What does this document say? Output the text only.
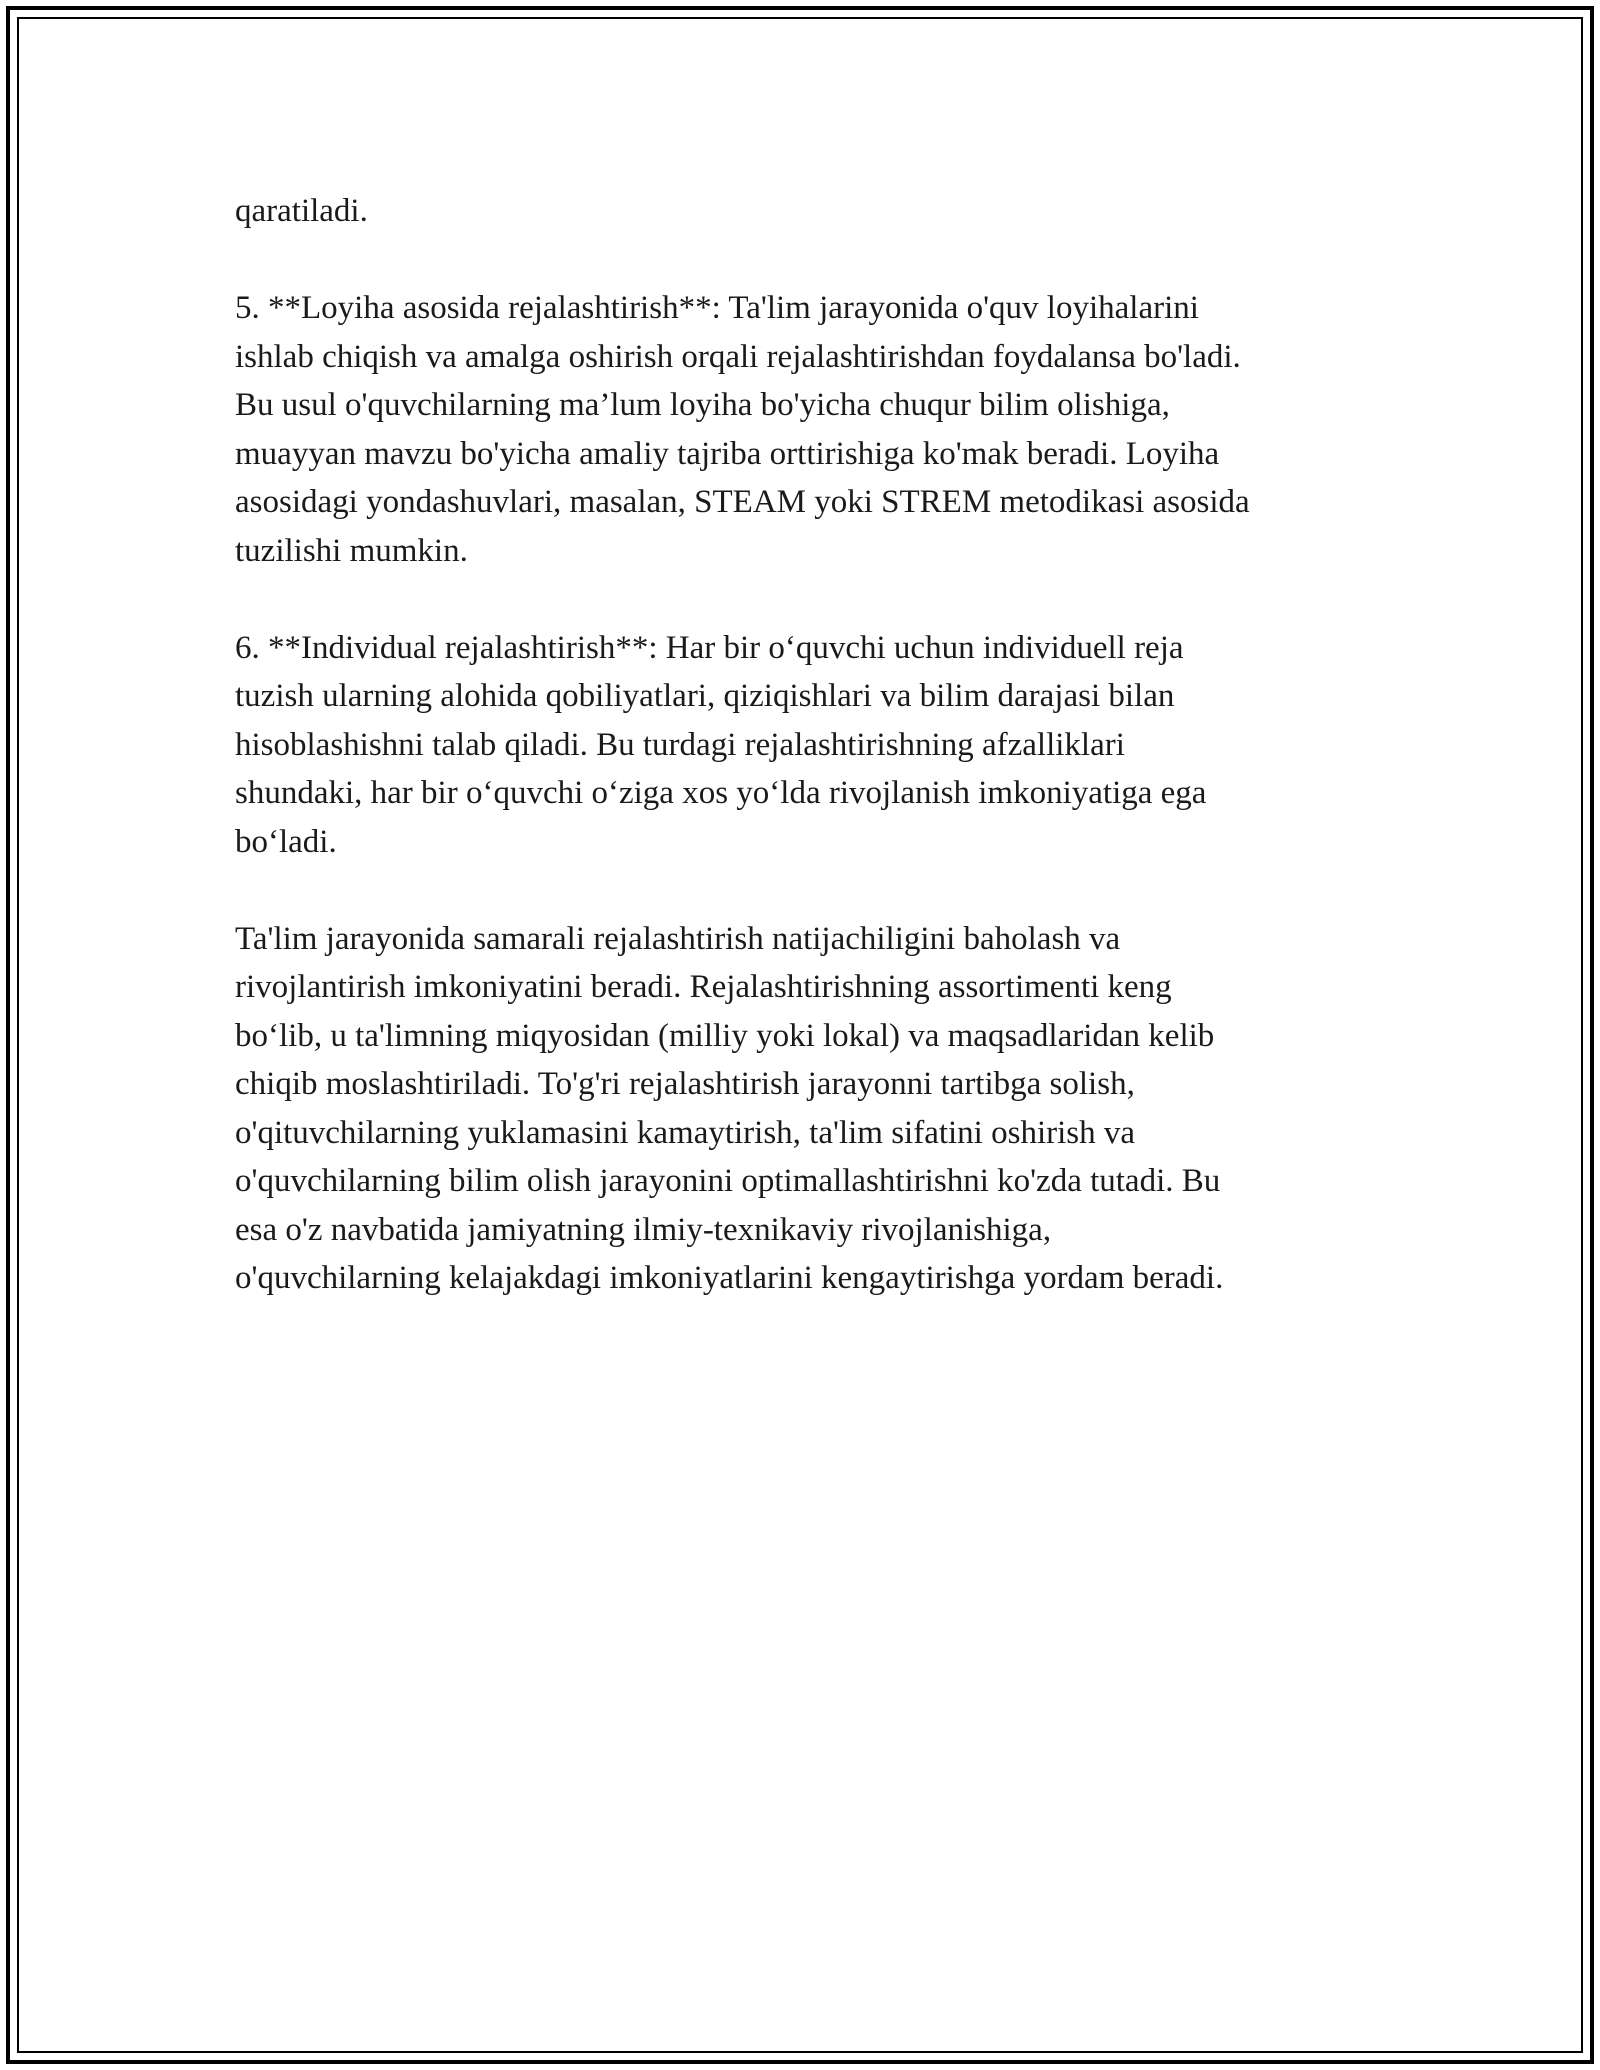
qaratiladi.

5. **Loyiha asosida rejalashtirish**: Ta'lim jarayonida o'quv loyihalarini
ishlab chiqish va amalga oshirish orqali rejalashtirishdan foydalansa bo'ladi.
Bu usul o'quvchilarning ma’lum loyiha bo'yicha chuqur bilim olishiga,
muayyan mavzu bo'yicha amaliy tajriba orttirishiga ko'mak beradi. Loyiha
asosidagi yondashuvlari, masalan, STEAM yoki STREM metodikasi asosida
tuzilishi mumkin.

6. **Individual rejalashtirish**: Har bir oʻquvchi uchun individuell reja
tuzish ularning alohida qobiliyatlari, qiziqishlari va bilim darajasi bilan
hisoblashishni talab qiladi. Bu turdagi rejalashtirishning afzalliklari
shundaki, har bir oʻquvchi oʻziga xos yoʻlda rivojlanish imkoniyatiga ega
boʻladi.

Ta'lim jarayonida samarali rejalashtirish natijachiligini baholash va
rivojlantirish imkoniyatini beradi. Rejalashtirishning assortimenti keng
boʻlib, u ta'limning miqyosidan (milliy yoki lokal) va maqsadlaridan kelib
chiqib moslashtiriladi. To'g'ri rejalashtirish jarayonni tartibga solish,
o'qituvchilarning yuklamasini kamaytirish, ta'lim sifatini oshirish va
o'quvchilarning bilim olish jarayonini optimallashtirishni ko'zda tutadi. Bu
esa o'z navbatida jamiyatning ilmiy-texnikaviy rivojlanishiga,
o'quvchilarning kelajakdagi imkoniyatlarini kengaytirishga yordam beradi.
